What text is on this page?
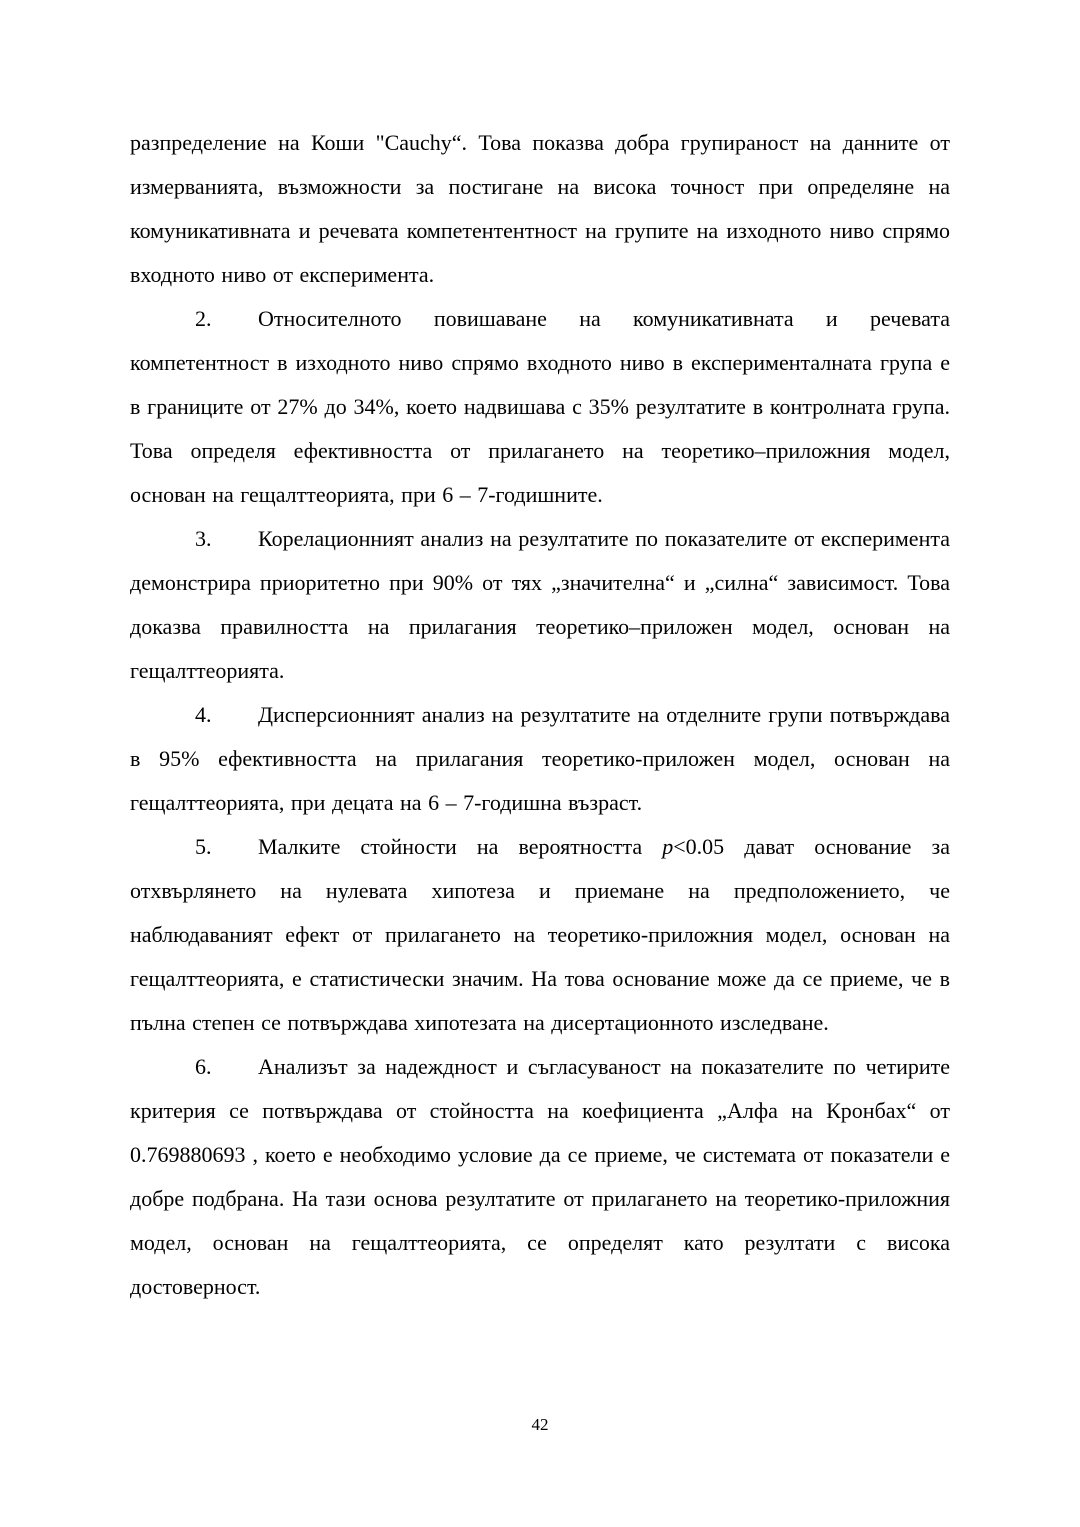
разпределение на Коши "Cauchy“. Това показва добра групираност на данните от измерванията, възможности за постигане на висока точност при определяне на комуникативната и речевата компетентентност на групите на изходното ниво спрямо входното ниво от експеримента.

2. Относителното повишаване на комуникативната и речевата компетентност в изходното ниво спрямо входното ниво в експерименталната група е в границите от 27% до 34%, което надвишава с 35% резултатите в контролната група. Това определя ефективността от прилагането на теоретико–приложния модел, основан на гещалттеорията, при 6 – 7-годишните.

3. Корелационният анализ на резултатите по показателите от експеримента демонстрира приоритетно при 90% от тях „значителна“ и „силна“ зависимост. Това доказва правилността на прилагания теоретико–приложен модел, основан на гещалттеорията.

4. Дисперсионният анализ на резултатите на отделните групи потвърждава в 95% ефективността на прилагания теоретико-приложен модел, основан на гещалттеорията, при децата на 6 – 7-годишна възраст.

5. Малките стойности на вероятността p<0.05 дават основание за отхвърлянето на нулевата хипотеза и приемане на предположението, че наблюдаваният ефект от прилагането на теоретико-приложния модел, основан на гещалттеорията, е статистически значим. На това основание може да се приеме, че в пълна степен се потвърждава хипотезата на дисертационното изследване.

6. Анализът за надеждност и съгласуваност на показателите по четирите критерия се потвърждава от стойността на коефициента „Алфа на Кронбах“ от 0.769880693 , което е необходимо условие да се приеме, че системата от показатели е добре подбрана. На тази основа резултатите от прилагането на теоретико-приложния модел, основан на гещалттеорията, се определят като резултати с висока достоверност.

42
